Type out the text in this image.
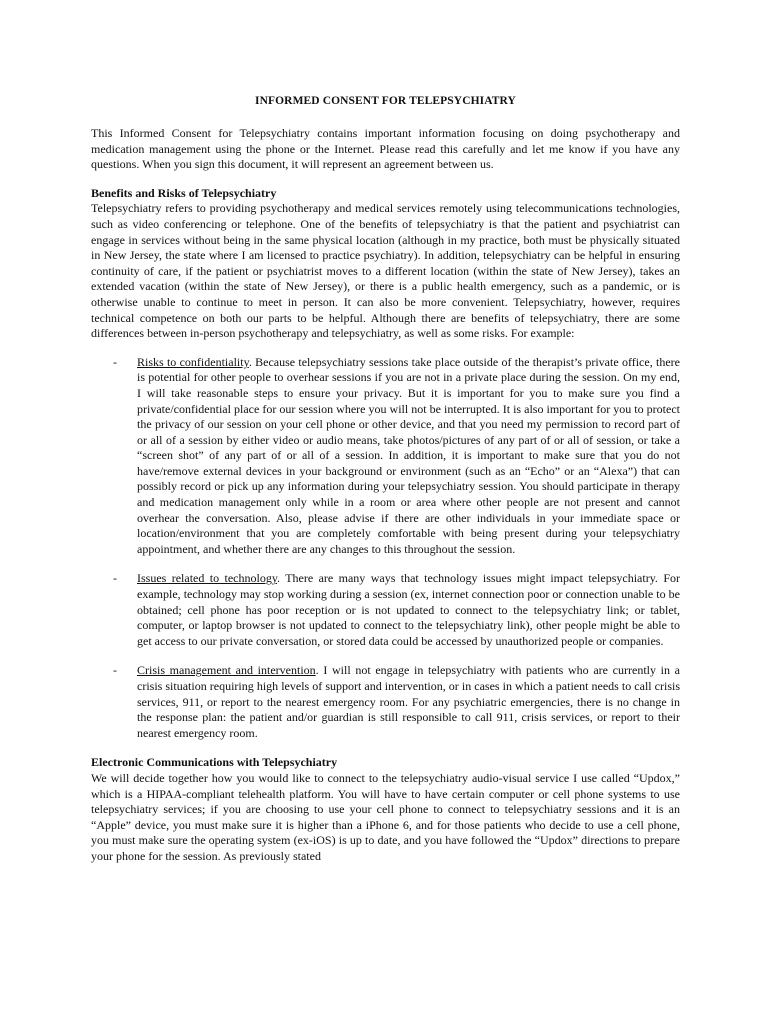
INFORMED CONSENT FOR TELEPSYCHIATRY

This Informed Consent for Telepsychiatry contains important information focusing on doing psychotherapy and medication management using the phone or the Internet. Please read this carefully and let me know if you have any questions. When you sign this document, it will represent an agreement between us.

Benefits and Risks of Telepsychiatry

Telepsychiatry refers to providing psychotherapy and medical services remotely using telecommunications technologies, such as video conferencing or telephone. One of the benefits of telepsychiatry is that the patient and psychiatrist can engage in services without being in the same physical location (although in my practice, both must be physically situated in New Jersey, the state where I am licensed to practice psychiatry). In addition, telepsychiatry can be helpful in ensuring continuity of care, if the patient or psychiatrist moves to a different location (within the state of New Jersey), takes an extended vacation (within the state of New Jersey), or there is a public health emergency, such as a pandemic, or is otherwise unable to continue to meet in person. It can also be more convenient. Telepsychiatry, however, requires technical competence on both our parts to be helpful. Although there are benefits of telepsychiatry, there are some differences between in-person psychotherapy and telepsychiatry, as well as some risks. For example:

- Risks to confidentiality. Because telepsychiatry sessions take place outside of the therapist’s private office, there is potential for other people to overhear sessions if you are not in a private place during the session. On my end, I will take reasonable steps to ensure your privacy. But it is important for you to make sure you find a private/confidential place for our session where you will not be interrupted. It is also important for you to protect the privacy of our session on your cell phone or other device, and that you need my permission to record part of or all of a session by either video or audio means, take photos/pictures of any part of or all of session, or take a “screen shot” of any part of or all of a session. In addition, it is important to make sure that you do not have/remove external devices in your background or environment (such as an “Echo” or an “Alexa”) that can possibly record or pick up any information during your telepsychiatry session. You should participate in therapy and medication management only while in a room or area where other people are not present and cannot overhear the conversation. Also, please advise if there are other individuals in your immediate space or location/environment that you are completely comfortable with being present during your telepsychiatry appointment, and whether there are any changes to this throughout the session.
- Issues related to technology. There are many ways that technology issues might impact telepsychiatry. For example, technology may stop working during a session (ex, internet connection poor or connection unable to be obtained; cell phone has poor reception or is not updated to connect to the telepsychiatry link; or tablet, computer, or laptop browser is not updated to connect to the telepsychiatry link), other people might be able to get access to our private conversation, or stored data could be accessed by unauthorized people or companies.
- Crisis management and intervention. I will not engage in telepsychiatry with patients who are currently in a crisis situation requiring high levels of support and intervention, or in cases in which a patient needs to call crisis services, 911, or report to the nearest emergency room. For any psychiatric emergencies, there is no change in the response plan: the patient and/or guardian is still responsible to call 911, crisis services, or report to their nearest emergency room.
Electronic Communications with Telepsychiatry

We will decide together how you would like to connect to the telepsychiatry audio-visual service I use called “Updox,” which is a HIPAA-compliant telehealth platform. You will have to have certain computer or cell phone systems to use telepsychiatry services; if you are choosing to use your cell phone to connect to telepsychiatry sessions and it is an “Apple” device, you must make sure it is higher than a iPhone 6, and for those patients who decide to use a cell phone, you must make sure the operating system (ex-iOS) is up to date, and you have followed the “Updox” directions to prepare your phone for the session. As previously stated
